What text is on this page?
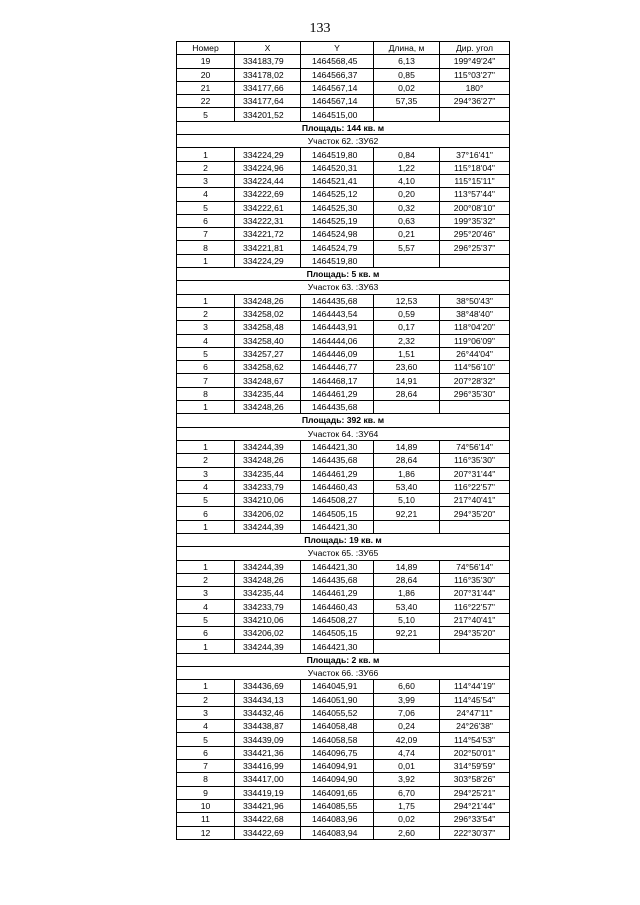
133
Номер	X	Y	Длина, м	Дир. угол
19	334183,79	1464568,45	6,13	199°49'24"
20	334178,02	1464566,37	0,85	115°03'27"
21	334177,66	1464567,14	0,02	180°
22	334177,64	1464567,14	57,35	294°36'27"
5	334201,52	1464515,00		
Площадь: 144 кв. м				
Участок 62. :ЗУ62				
1	334224,29	1464519,80	0,84	37°16'41"
2	334224,96	1464520,31	1,22	115°18'04"
3	334224,44	1464521,41	4,10	115°15'11"
4	334222,69	1464525,12	0,20	113°57'44"
5	334222,61	1464525,30	0,32	200°08'10"
6	334222,31	1464525,19	0,63	199°35'32"
7	334221,72	1464524,98	0,21	295°20'46"
8	334221,81	1464524,79	5,57	296°25'37"
1	334224,29	1464519,80		
Площадь: 5 кв. м				
Участок 63. :ЗУ63				
1	334248,26	1464435,68	12,53	38°50'43"
2	334258,02	1464443,54	0,59	38°48'40"
3	334258,48	1464443,91	0,17	118°04'20"
4	334258,40	1464444,06	2,32	119°06'09"
5	334257,27	1464446,09	1,51	26°44'04"
6	334258,62	1464446,77	23,60	114°56'10"
7	334248,67	1464468,17	14,91	207°28'32"
8	334235,44	1464461,29	28,64	296°35'30"
1	334248,26	1464435,68		
Площадь: 392 кв. м				
Участок 64. :ЗУ64				
1	334244,39	1464421,30	14,89	74°56'14"
2	334248,26	1464435,68	28,64	116°35'30"
3	334235,44	1464461,29	1,86	207°31'44"
4	334233,79	1464460,43	53,40	116°22'57"
5	334210,06	1464508,27	5,10	217°40'41"
6	334206,02	1464505,15	92,21	294°35'20"
1	334244,39	1464421,30		
Площадь: 19 кв. м				
Участок 65. :ЗУ65				
1	334244,39	1464421,30	14,89	74°56'14"
2	334248,26	1464435,68	28,64	116°35'30"
3	334235,44	1464461,29	1,86	207°31'44"
4	334233,79	1464460,43	53,40	116°22'57"
5	334210,06	1464508,27	5,10	217°40'41"
6	334206,02	1464505,15	92,21	294°35'20"
1	334244,39	1464421,30		
Площадь: 2 кв. м				
Участок 66. :ЗУ66				
1	334436,69	1464045,91	6,60	114°44'19"
2	334434,13	1464051,90	3,99	114°45'54"
3	334432,46	1464055,52	7,06	24°47'11"
4	334438,87	1464058,48	0,24	24°26'38"
5	334439,09	1464058,58	42,09	114°54'53"
6	334421,36	1464096,75	4,74	202°50'01"
7	334416,99	1464094,91	0,01	314°59'59"
8	334417,00	1464094,90	3,92	303°58'26"
9	334419,19	1464091,65	6,70	294°25'21"
10	334421,96	1464085,55	1,75	294°21'44"
11	334422,68	1464083,96	0,02	296°33'54"
12	334422,69	1464083,94	2,60	222°30'37"
